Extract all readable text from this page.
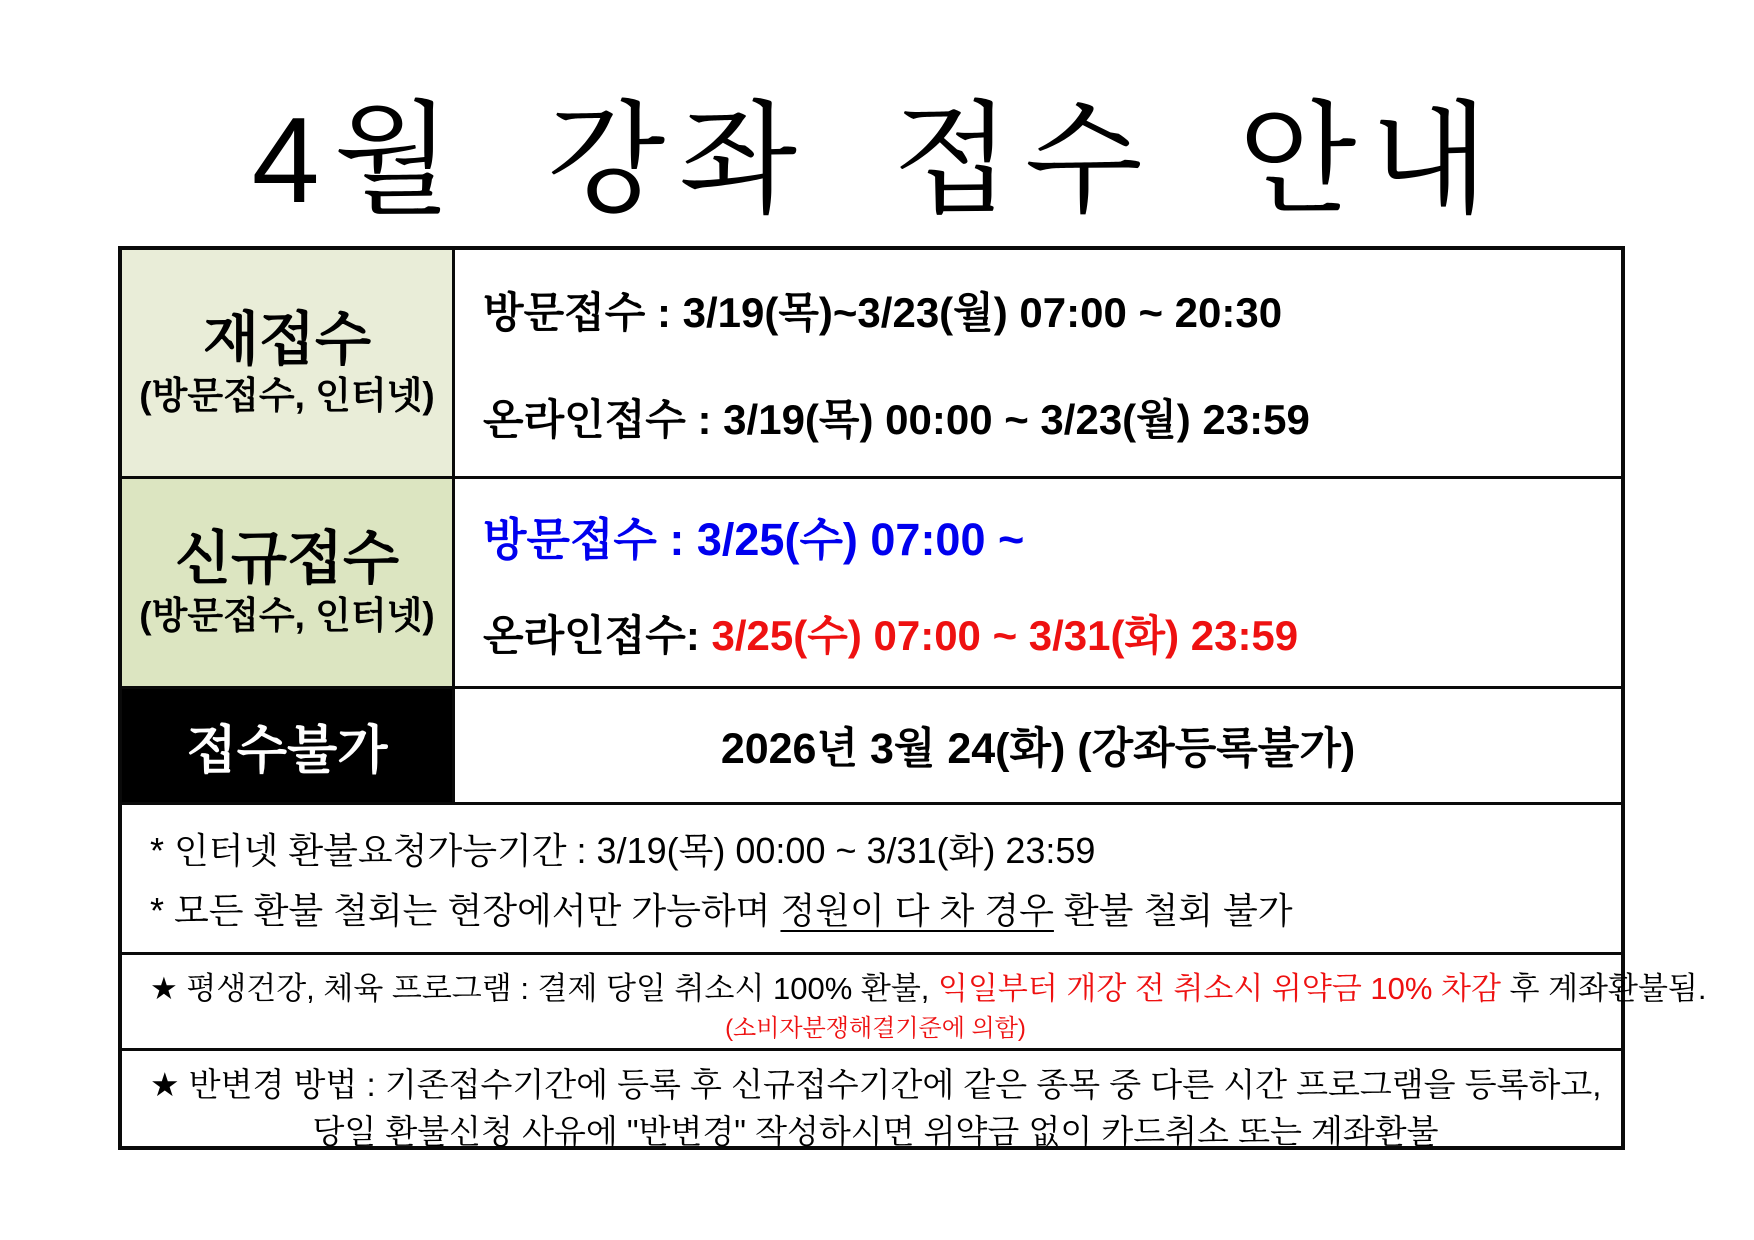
4월 강좌 접수 안내
재접수
(방문접수, 인터넷)
방문접수 : 3/19(목)~3/23(월) 07:00 ~ 20:30
온라인접수 : 3/19(목) 00:00 ~ 3/23(월) 23:59
신규접수
(방문접수, 인터넷)
방문접수 : 3/25(수) 07:00 ~
온라인접수: 3/25(수) 07:00 ~ 3/31(화) 23:59
접수불가	2026년 3월 24(화) (강좌등록불가)
* 인터넷 환불요청가능기간 : 3/19(목) 00:00 ~ 3/31(화) 23:59
* 모든 환불 철회는 현장에서만 가능하며 정원이 다 차 경우 환불 철회 불가
★ 평생건강, 체육 프로그램 : 결제 당일 취소시 100% 환불, 익일부터 개강 전 취소시 위약금 10% 차감 후 계좌환불됨.
(소비자분쟁해결기준에 의함)
★ 반변경 방법 : 기존접수기간에 등록 후 신규접수기간에 같은 종목 중 다른 시간 프로그램을 등록하고,
당일 환불신청 사유에 "반변경" 작성하시면 위약금 없이 카드취소 또는 계좌환불
